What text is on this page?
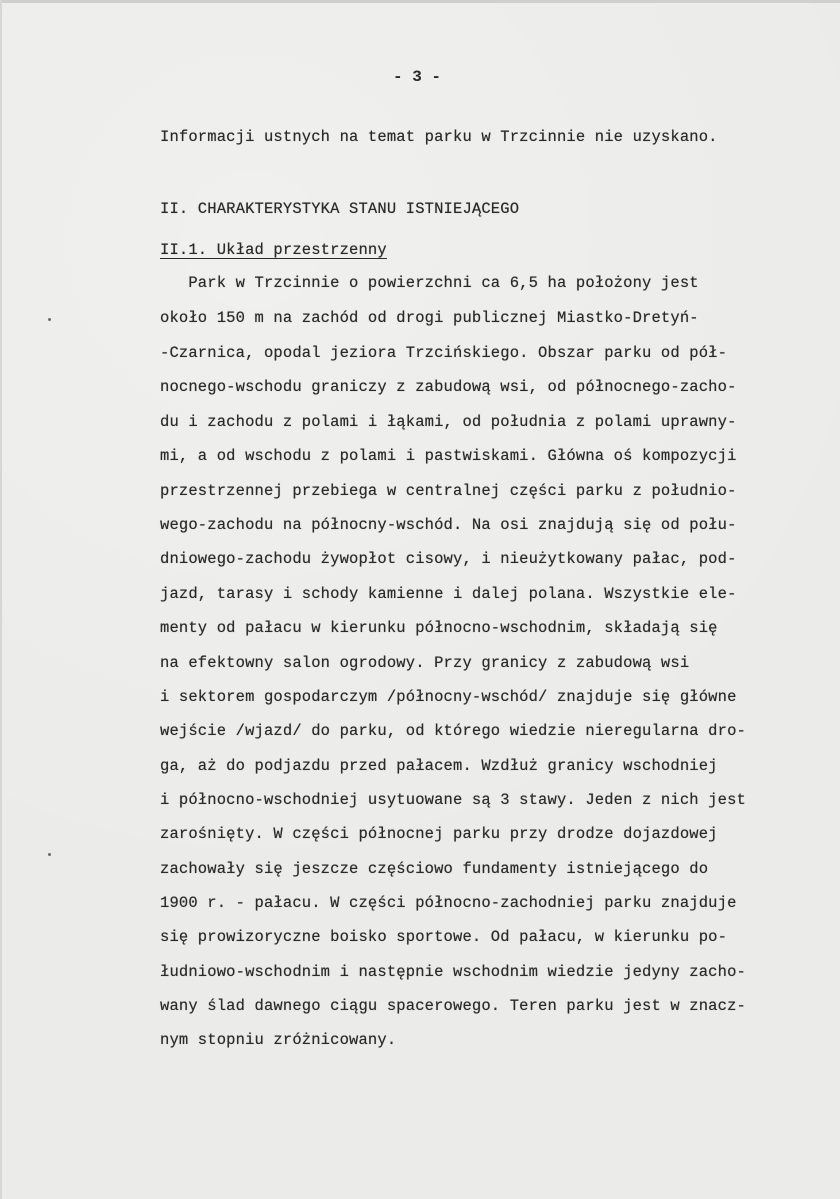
- 3 -
Informacji ustnych na temat parku w Trzcinnie nie uzyskano.
II. CHARAKTERYSTYKA STANU ISTNIEJĄCEGO
II.1. Układ przestrzenny
Park w Trzcinnie o powierzchni ca 6,5 ha położony jest
około 150 m na zachód od drogi publicznej Miastko-Dretyń-
-Czarnica, opodal jeziora Trzcińskiego. Obszar parku od pół-
nocnego-wschodu graniczy z zabudową wsi, od północnego-zacho-
du i zachodu z polami i łąkami, od południa z polami uprawny-
mi, a od wschodu z polami i pastwiskami. Główna oś kompozycji
przestrzennej przebiega w centralnej części parku z południo-
wego-zachodu na północny-wschód. Na osi znajdują się od połu-
dniowego-zachodu żywopłot cisowy, i nieużytkowany pałac, pod-
jazd, tarasy i schody kamienne i dalej polana. Wszystkie ele-
menty od pałacu w kierunku północno-wschodnim, składają się
na efektowny salon ogrodowy. Przy granicy z zabudową wsi
i sektorem gospodarczym /północny-wschód/ znajduje się główne
wejście /wjazd/ do parku, od którego wiedzie nieregularna dro-
ga, aż do podjazdu przed pałacem. Wzdłuż granicy wschodniej
i północno-wschodniej usytuowane są 3 stawy. Jeden z nich jest
zarośnięty. W części północnej parku przy drodze dojazdowej
zachowały się jeszcze częściowo fundamenty istniejącego do
1900 r. - pałacu. W części północno-zachodniej parku znajduje
się prowizoryczne boisko sportowe. Od pałacu, w kierunku po-
łudniowo-wschodnim i następnie wschodnim wiedzie jedyny zacho-
wany ślad dawnego ciągu spacerowego. Teren parku jest w znacz-
nym stopniu zróżnicowany.
